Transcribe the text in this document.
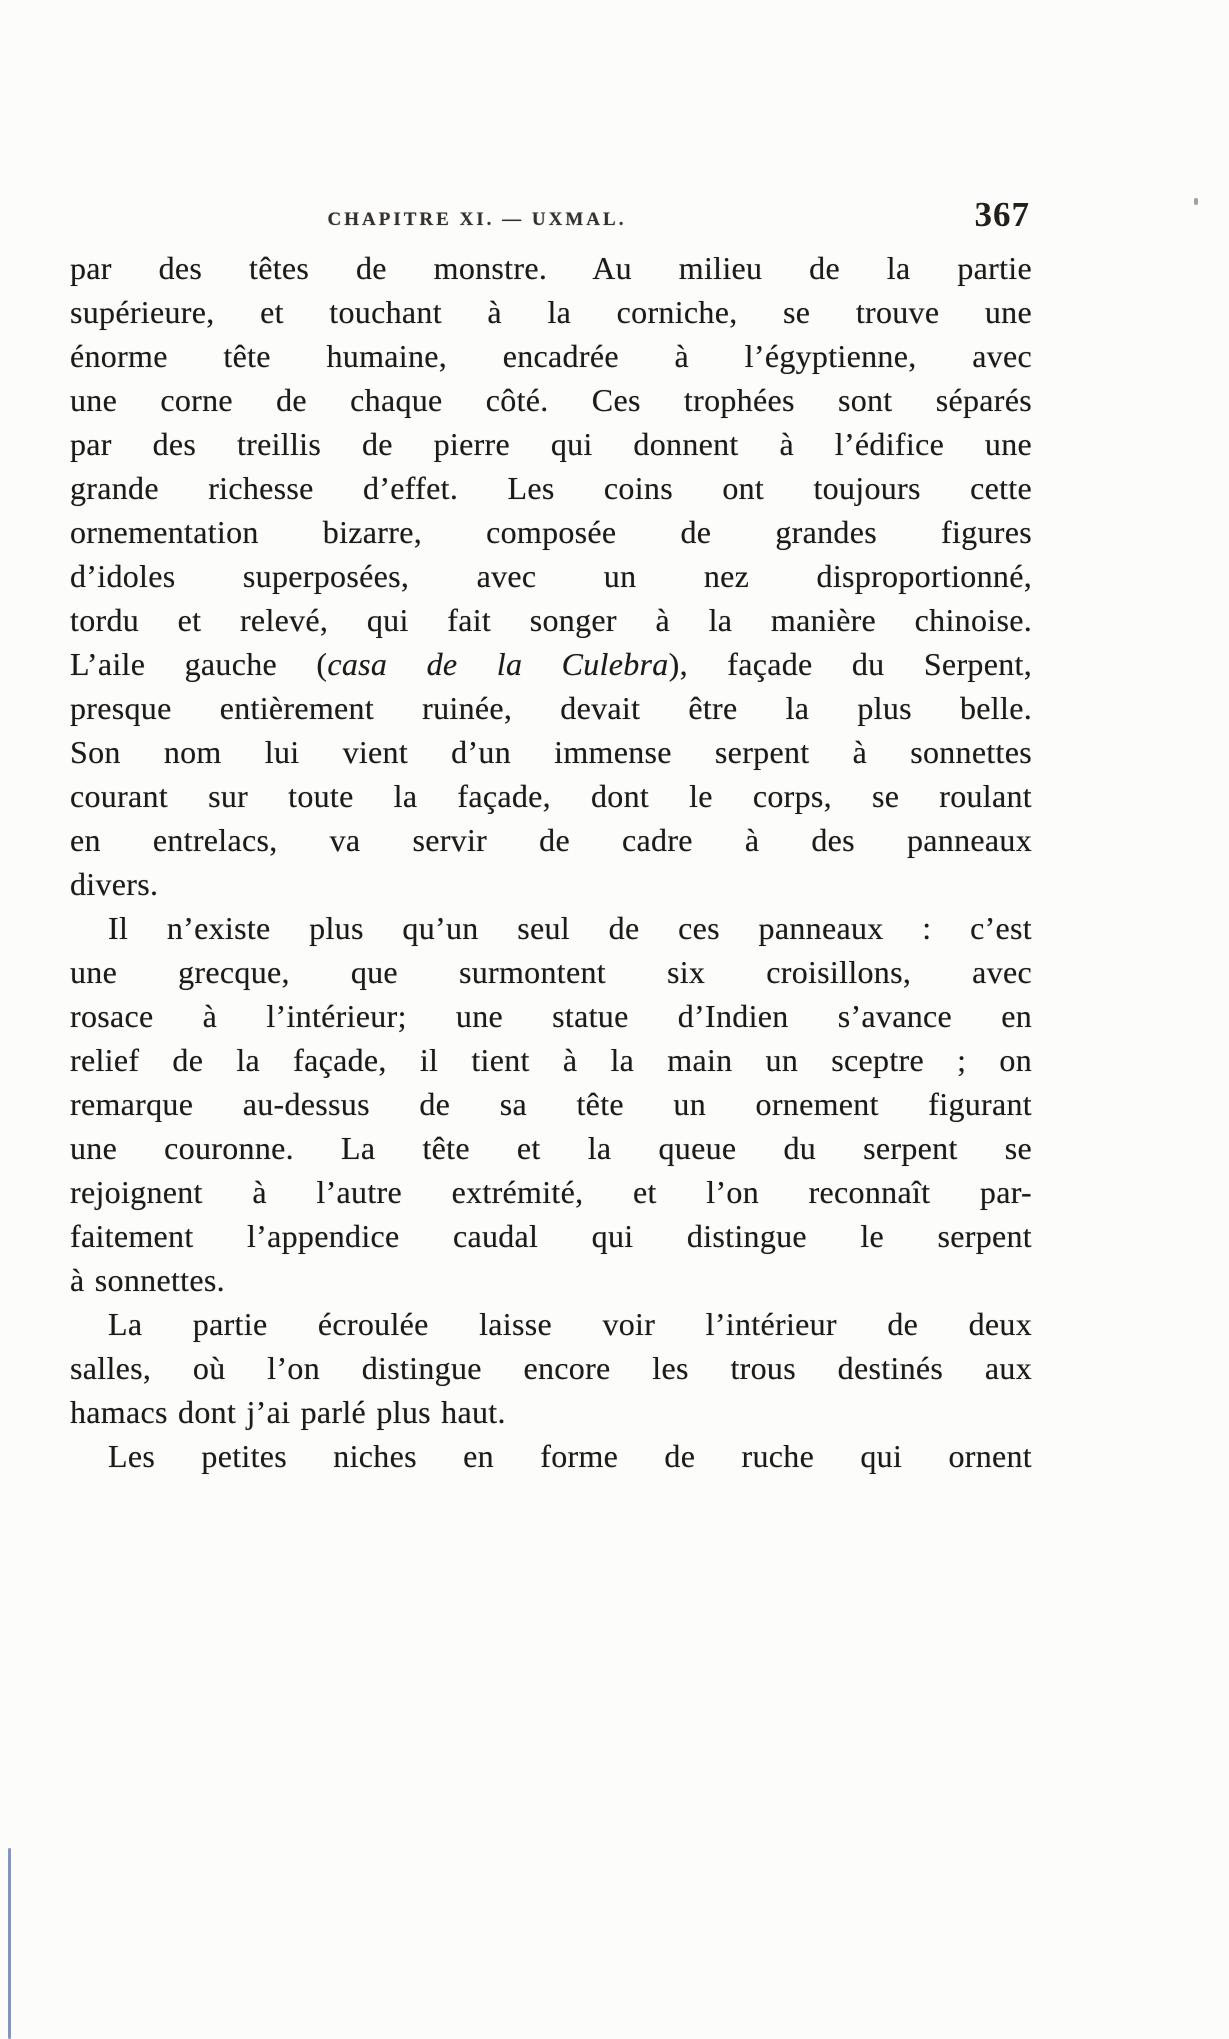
CHAPITRE XI. — UXMAL.	367
par des têtes de monstre. Au milieu de la partie
supérieure, et touchant à la corniche, se trouve une
énorme tête humaine, encadrée à l’égyptienne, avec
une corne de chaque côté. Ces trophées sont séparés
par des treillis de pierre qui donnent à l’édifice une
grande richesse d’effet. Les coins ont toujours cette
ornementation bizarre, composée de grandes figures
d’idoles superposées, avec un nez disproportionné,
tordu et relevé, qui fait songer à la manière chinoise.
L’aile gauche (casa de la Culebra), façade du Serpent,
presque entièrement ruinée, devait être la plus belle.
Son nom lui vient d’un immense serpent à sonnettes
courant sur toute la façade, dont le corps, se roulant
en entrelacs, va servir de cadre à des panneaux
divers.
Il n’existe plus qu’un seul de ces panneaux : c’est
une grecque, que surmontent six croisillons, avec
rosace à l’intérieur; une statue d’Indien s’avance en
relief de la façade, il tient à la main un sceptre ; on
remarque au-dessus de sa tête un ornement figurant
une couronne. La tête et la queue du serpent se
rejoignent à l’autre extrémité, et l’on reconnaît par-
faitement l’appendice caudal qui distingue le serpent
à sonnettes.
La partie écroulée laisse voir l’intérieur de deux
salles, où l’on distingue encore les trous destinés aux
hamacs dont j’ai parlé plus haut.
Les petites niches en forme de ruche qui ornent
